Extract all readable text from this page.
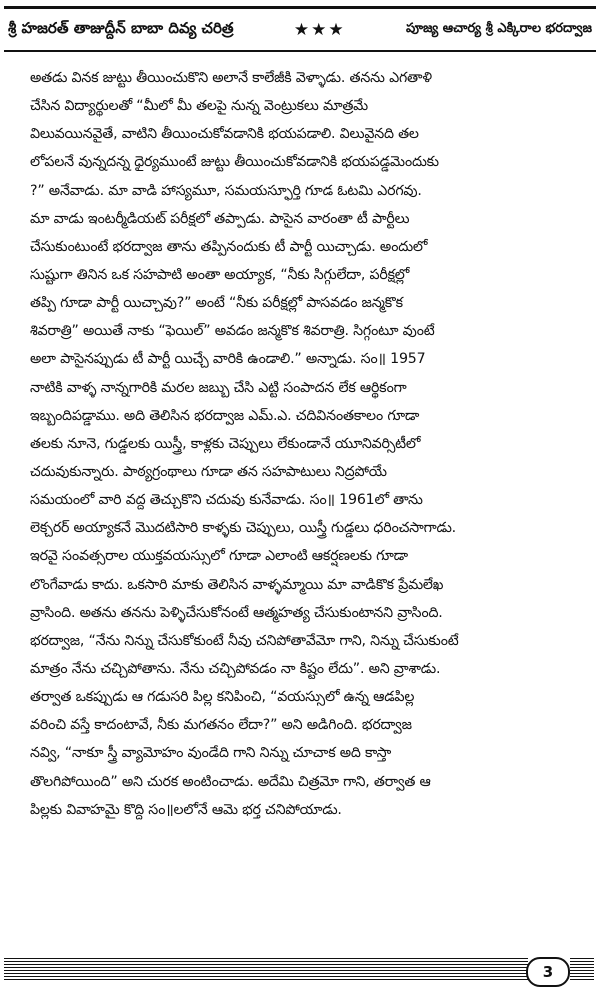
శ్రీ హజరత్ తాజుద్దీన్ బాబా దివ్య చరిత్ర	★★★	పూజ్య ఆచార్య శ్రీ ఎక్కిరాల భరద్వాజ
అతడు వినక జుట్టు తీయించుకొని అలానే కాలేజీకి వెళ్ళాడు. తనను ఎగతాళి
చేసిన విద్యార్థులతో “మీలో మీ తలపై నున్న వెంట్రుకలు మాత్రమే
విలువయినవైతే, వాటిని తీయించుకోవడానికి భయపడాలి. విలువైనది తల
లోపలనే వున్నదన్న ధైర్యముంటే జుట్టు తీయించుకోవడానికి భయపడ్డమెందుకు
?” అనేవాడు. మా వాడి హాస్యమూ, సమయస్ఫూర్తి గూడ ఓటమి ఎరగవు.
మా వాడు ఇంటర్మీడియట్ పరీక్షలో తప్పాడు. పాసైన వారంతా టీ పార్టీలు
చేసుకుంటుంటే భరద్వాజ తాను తప్పినందుకు టీ పార్టీ యిచ్చాడు. అందులో
సుష్టుగా తినిన ఒక సహపాటి అంతా అయ్యాక, “నీకు సిగ్గులేదా, పరీక్షల్లో
తప్పి గూడా పార్టీ యిచ్చావు?” అంటే “నీకు పరీక్షల్లో పాసవడం జన్మకొక
శివరాత్రి” అయితే నాకు “ఫెయిల్” అవడం జన్మకొక శివరాత్రి. సిగ్గంటూ వుంటే
అలా పాసైనప్పుడు టీ పార్టీ యిచ్చే వారికి ఉండాలి.” అన్నాడు. సం॥ 1957
నాటికి వాళ్ళ నాన్నగారికి మరల జబ్బు చేసి ఎట్టి సంపాదన లేక ఆర్థికంగా
ఇబ్బందిపడ్డాము. అది తెలిసిన భరద్వాజ ఎమ్.ఎ. చదివినంతకాలం గూడా
తలకు నూనె, గుడ్డలకు యిస్త్రీ, కాళ్లకు చెప్పులు లేకుండానే యూనివర్సిటీలో
చదువుకున్నారు. పాఠ్యగ్రంథాలు గూడా తన సహపాటులు నిద్రపోయే
సమయంలో వారి వద్ద తెచ్చుకొని చదువు కునేవాడు. సం॥ 1961లో తాను
లెక్చరర్ అయ్యాకనే మొదటిసారి కాళ్ళకు చెప్పులు, యిస్త్రీ గుడ్డలు ధరించసాగాడు.
ఇరవై సంవత్సరాల యుక్తవయస్సులో గూడా ఎలాంటి ఆకర్షణలకు గూడా
లొంగేవాడు కాదు. ఒకసారి మాకు తెలిసిన వాళ్ళమ్మాయి మా వాడికొక ప్రేమలేఖ
వ్రాసింది. అతను తనను పెళ్ళిచేసుకోనంటే ఆత్మహత్య చేసుకుంటానని వ్రాసింది.
భరద్వాజ, “నేను నిన్ను చేసుకోకుంటే నీవు చనిపోతావేమో గాని, నిన్ను చేసుకుంటే
మాత్రం నేను చచ్చిపోతాను. నేను చచ్చిపోవడం నా కిష్టం లేదు”. అని వ్రాశాడు.
తర్వాత ఒకప్పుడు ఆ గడుసరి పిల్ల కనిపించి, “వయస్సులో ఉన్న ఆడపిల్ల
వరించి వస్తే కాదంటావే, నీకు మగతనం లేదా?” అని అడిగింది. భరద్వాజ
నవ్వి, “నాకూ స్త్రీ వ్యామోహం వుండేది గాని నిన్ను చూచాక అది కాస్తా
తొలగిపోయింది” అని చురక అంటించాడు. అదేమి చిత్రమో గాని, తర్వాత ఆ
పిల్లకు వివాహమై కొద్ది సం॥లలోనే ఆమె భర్త చనిపోయాడు.
3
